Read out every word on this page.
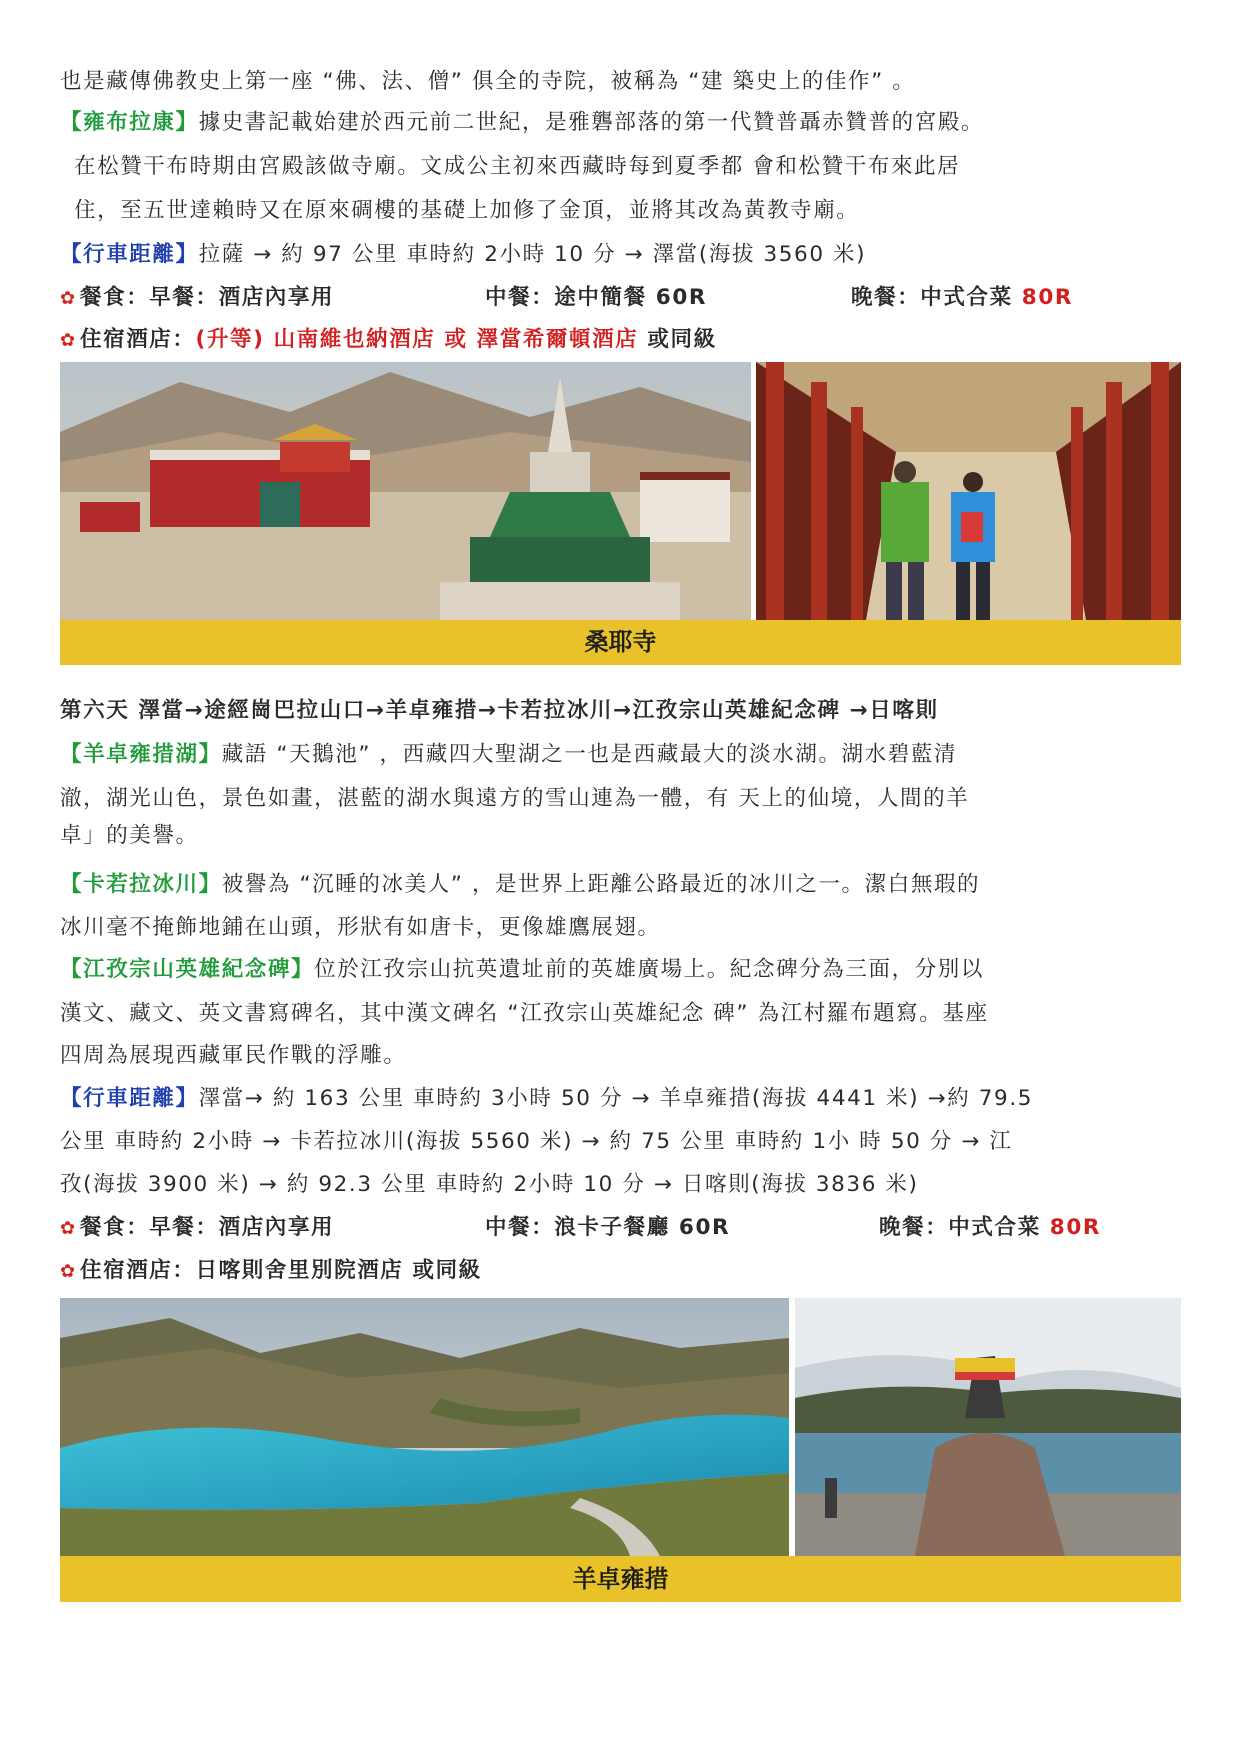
也是藏傳佛教史上第一座 “佛、法、僧” 俱全的寺院，被稱為 “建 築史上的佳作” 。
【雍布拉康】據史書記載始建於西元前二世紀，是雅礱部落的第一代贊普聶赤贊普的宮殿。
在松贊干布時期由宮殿該做寺廟。文成公主初來西藏時每到夏季都 會和松贊干布來此居
住，至五世達賴時又在原來碉樓的基礎上加修了金頂，並將其改為黃教寺廟。
【行車距離】拉薩 → 約 97 公里 車時約 2小時 10 分 → 澤當(海拔 3560 米)
✿ 餐食：早餐：酒店內享用	中餐：途中簡餐 60R	晚餐：中式合菜 80R
✿ 住宿酒店：(升等) 山南維也納酒店 或 澤當希爾頓酒店 或同級
桑耶寺
第六天 澤當→途經崗巴拉山口→羊卓雍措→卡若拉冰川→江孜宗山英雄紀念碑 →日喀則
【羊卓雍措湖】藏語 “天鵝池” ，西藏四大聖湖之一也是西藏最大的淡水湖。湖水碧藍清
澈，湖光山色，景色如畫，湛藍的湖水與遠方的雪山連為一體，有 天上的仙境，人間的羊
卓」的美譽。
【卡若拉冰川】被譽為 “沉睡的冰美人” ，是世界上距離公路最近的冰川之一。潔白無瑕的
冰川毫不掩飾地鋪在山頭，形狀有如唐卡，更像雄鷹展翅。
【江孜宗山英雄紀念碑】位於江孜宗山抗英遺址前的英雄廣場上。紀念碑分為三面，分別以
漢文、藏文、英文書寫碑名，其中漢文碑名 “江孜宗山英雄紀念 碑” 為江村羅布題寫。基座
四周為展現西藏軍民作戰的浮雕。
【行車距離】澤當→ 約 163 公里 車時約 3小時 50 分 → 羊卓雍措(海拔 4441 米) →約 79.5
公里 車時約 2小時 → 卡若拉冰川(海拔 5560 米) → 約 75 公里 車時約 1小 時 50 分 → 江
孜(海拔 3900 米) → 約 92.3 公里 車時約 2小時 10 分 → 日喀則(海拔 3836 米)
✿ 餐食：早餐：酒店內享用	中餐：浪卡子餐廳 60R	晚餐：中式合菜 80R
✿ 住宿酒店：日喀則舍里別院酒店 或同級
羊卓雍措
